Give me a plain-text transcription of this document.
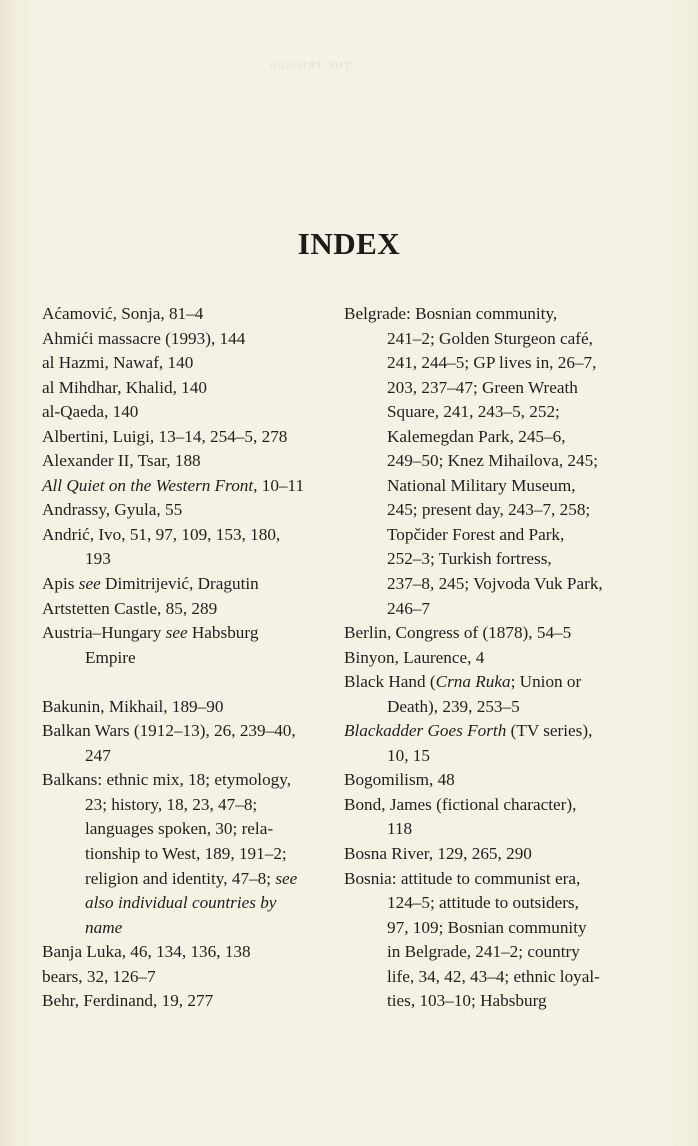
THE TRIGGER
INDEX
Aćamović, Sonja, 81–4
Ahmići massacre (1993), 144
al Hazmi, Nawaf, 140
al Mihdhar, Khalid, 140
al-Qaeda, 140
Albertini, Luigi, 13–14, 254–5, 278
Alexander II, Tsar, 188
All Quiet on the Western Front, 10–11
Andrassy, Gyula, 55
Andrić, Ivo, 51, 97, 109, 153, 180,
193
Apis see Dimitrijević, Dragutin
Artstetten Castle, 85, 289
Austria–Hungary see Habsburg
Empire
Bakunin, Mikhail, 189–90
Balkan Wars (1912–13), 26, 239–40,
247
Balkans: ethnic mix, 18; etymology,
23; history, 18, 23, 47–8;
languages spoken, 30; rela-
tionship to West, 189, 191–2;
religion and identity, 47–8; see
also individual countries by
name
Banja Luka, 46, 134, 136, 138
bears, 32, 126–7
Behr, Ferdinand, 19, 277
Belgrade: Bosnian community,
241–2; Golden Sturgeon café,
241, 244–5; GP lives in, 26–7,
203, 237–47; Green Wreath
Square, 241, 243–5, 252;
Kalemegdan Park, 245–6,
249–50; Knez Mihailova, 245;
National Military Museum,
245; present day, 243–7, 258;
Topčider Forest and Park,
252–3; Turkish fortress,
237–8, 245; Vojvoda Vuk Park,
246–7
Berlin, Congress of (1878), 54–5
Binyon, Laurence, 4
Black Hand (Crna Ruka; Union or
Death), 239, 253–5
Blackadder Goes Forth (TV series),
10, 15
Bogomilism, 48
Bond, James (fictional character),
118
Bosna River, 129, 265, 290
Bosnia: attitude to communist era,
124–5; attitude to outsiders,
97, 109; Bosnian community
in Belgrade, 241–2; country
life, 34, 42, 43–4; ethnic loyal-
ties, 103–10; Habsburg
